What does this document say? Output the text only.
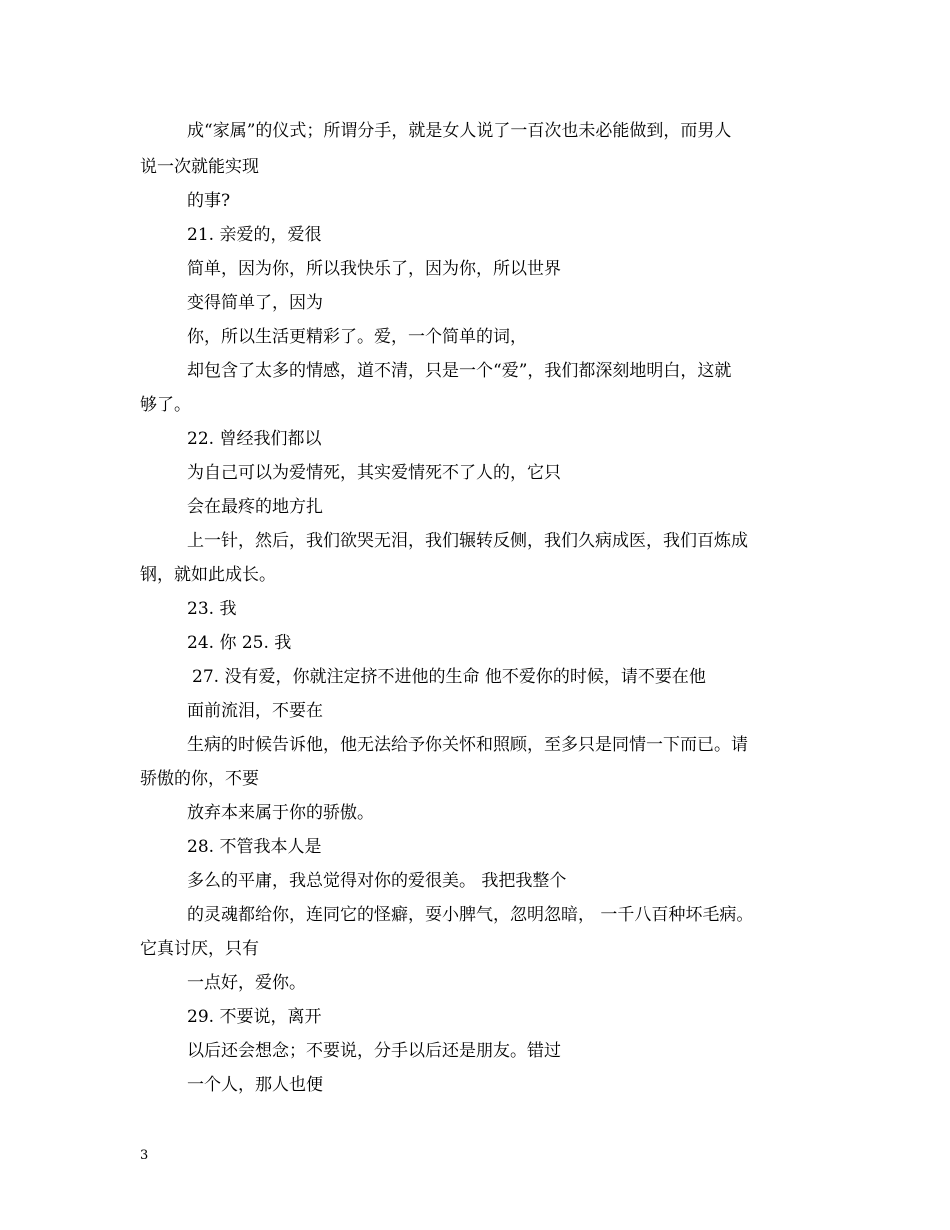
成“家属”的仪式；所谓分手，就是女人说了一百次也未必能做到，而男人
说一次就能实现
的事?
21. 亲爱的，爱很
简单，因为你，所以我快乐了，因为你，所以世界
变得简单了，因为
你，所以生活更精彩了。爱，一个简单的词，
却包含了太多的情感，道不清，只是一个“爱”，我们都深刻地明白，这就
够了。
22. 曾经我们都以
为自己可以为爱情死，其实爱情死不了人的，它只
会在最疼的地方扎
上一针，然后，我们欲哭无泪，我们辗转反侧，我们久病成医，我们百炼成
钢，就如此成长。
23. 我
24. 你 25. 我
27. 没有爱，你就注定挤不进他的生命 他不爱你的时候，请不要在他
面前流泪，不要在
生病的时候告诉他，他无法给予你关怀和照顾，至多只是同情一下而已。请
骄傲的你，不要
放弃本来属于你的骄傲。
28. 不管我本人是
多么的平庸，我总觉得对你的爱很美。 我把我整个
的灵魂都给你，连同它的怪癖，耍小脾气，忽明忽暗， 一千八百种坏毛病。
它真讨厌，只有
一点好，爱你。
29. 不要说，离开
以后还会想念；不要说，分手以后还是朋友。错过
一个人，那人也便
3
